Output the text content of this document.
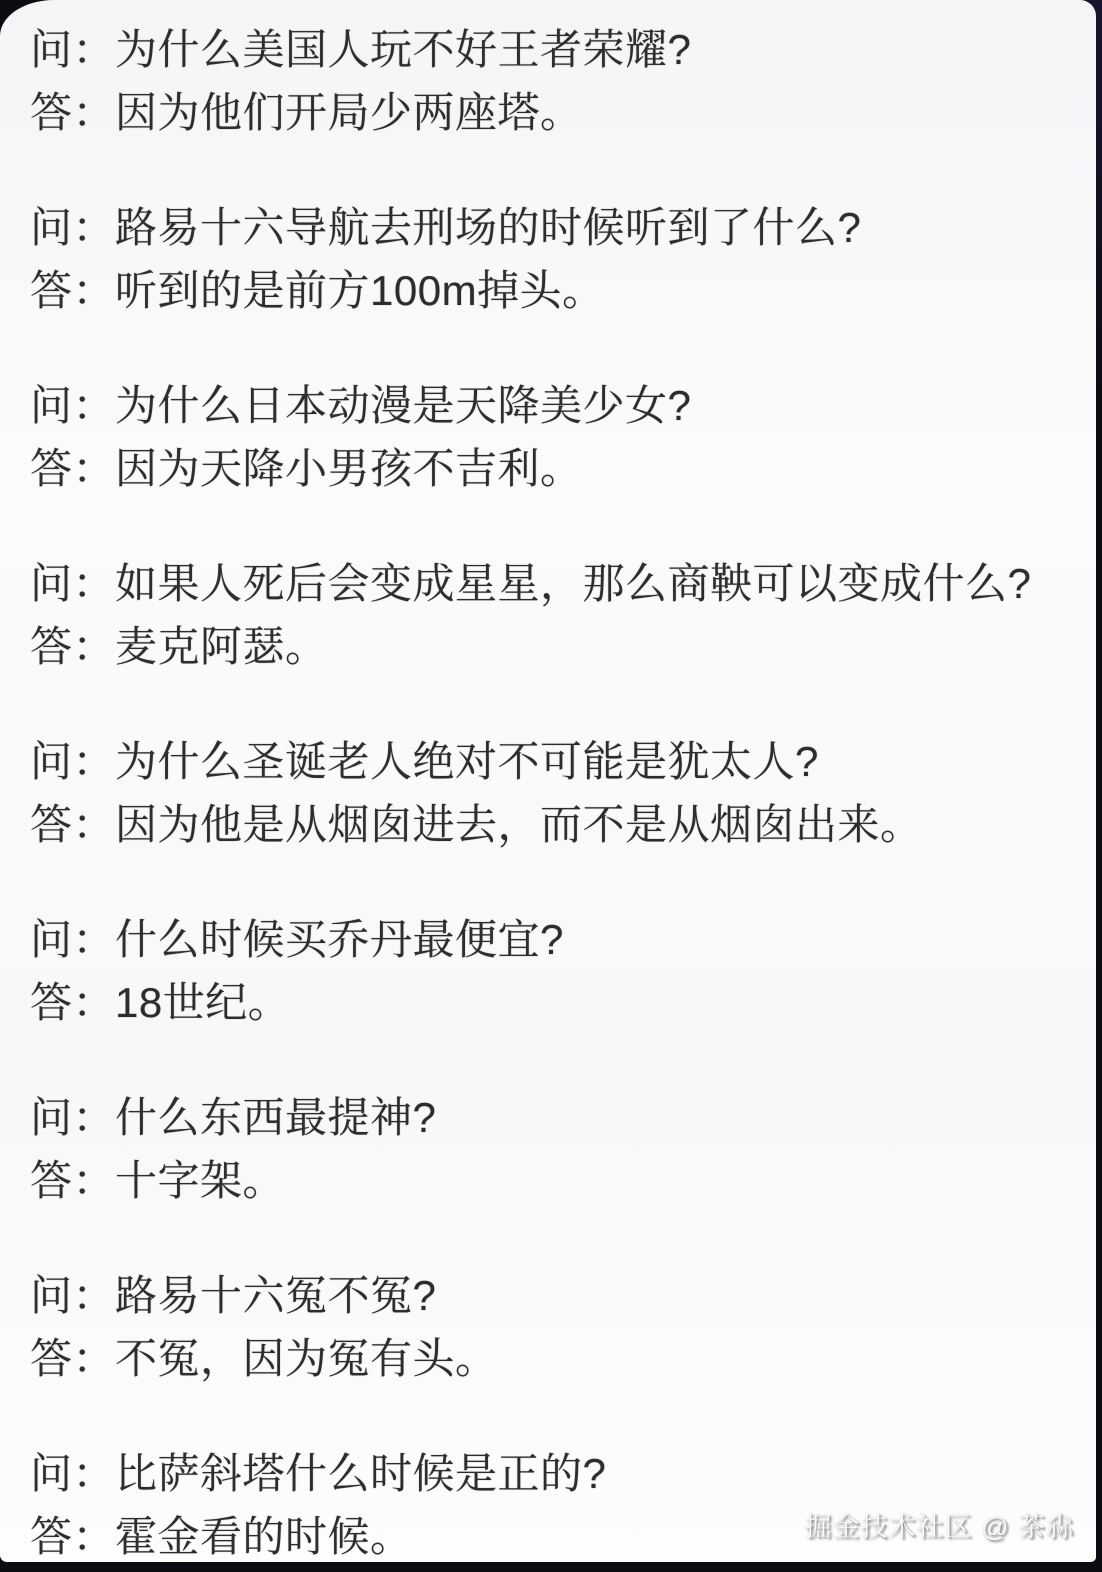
问：为什么美国人玩不好王者荣耀?
答：因为他们开局少两座塔。
问：路易十六导航去刑场的时候听到了什么?
答：听到的是前方100m掉头。
问：为什么日本动漫是天降美少女?
答：因为天降小男孩不吉利。
问：如果人死后会变成星星，那么商鞅可以变成什么?
答：麦克阿瑟。
问：为什么圣诞老人绝对不可能是犹太人?
答：因为他是从烟囱进去，而不是从烟囱出来。
问：什么时候买乔丹最便宜?
答：18世纪。
问：什么东西最提神?
答：十字架。
问：路易十六冤不冤?
答：不冤，因为冤有头。
问：比萨斜塔什么时候是正的?
答：霍金看的时候。	掘金技术社区 @ 茶尛
